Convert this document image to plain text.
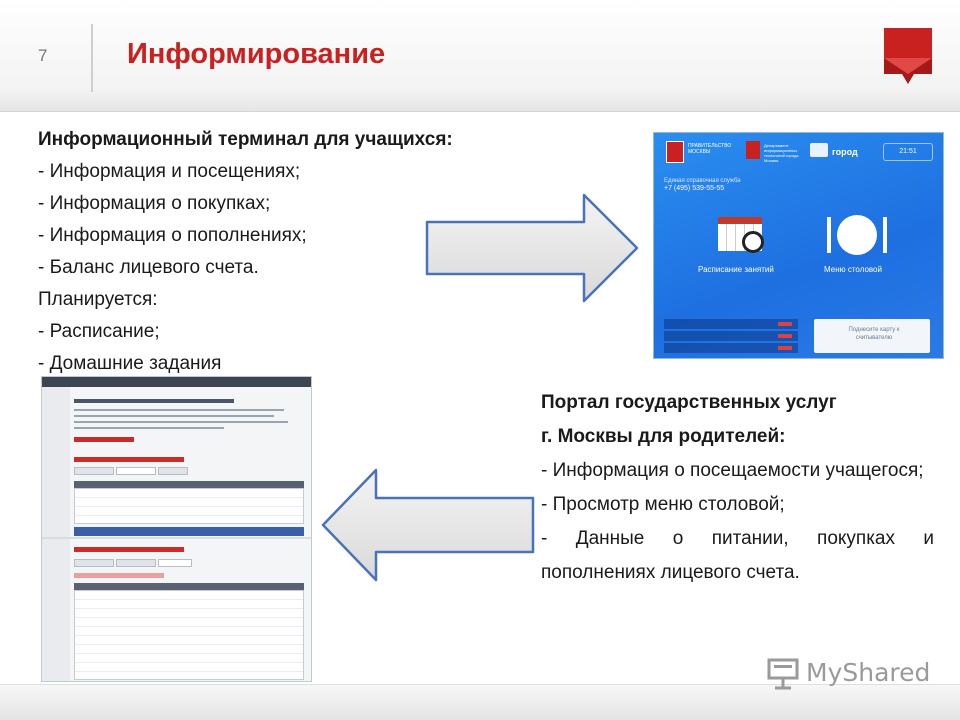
7	Информирование
Информационный терминал для учащихся:
- Информация и посещениях;
- Информация о покупках;
- Информация о пополнениях;
- Баланс лицевого счета.
Планируется:
- Расписание;
- Домашние задания
ПРАВИТЕЛЬСТВО МОСКВЫ
Департамент информационных технологий города Москвы
город	21:51
Единая справочная служба
+7 (495) 539-55-55
Расписание занятий	Меню столовой
Поднесите карту к считывателю
Портал государственных услуг
г. Москвы для родителей:
- Информация о посещаемости учащегося;
- Просмотр меню столовой;
- Данные о питании, покупках и пополнениях лицевого счета.
MyShared
